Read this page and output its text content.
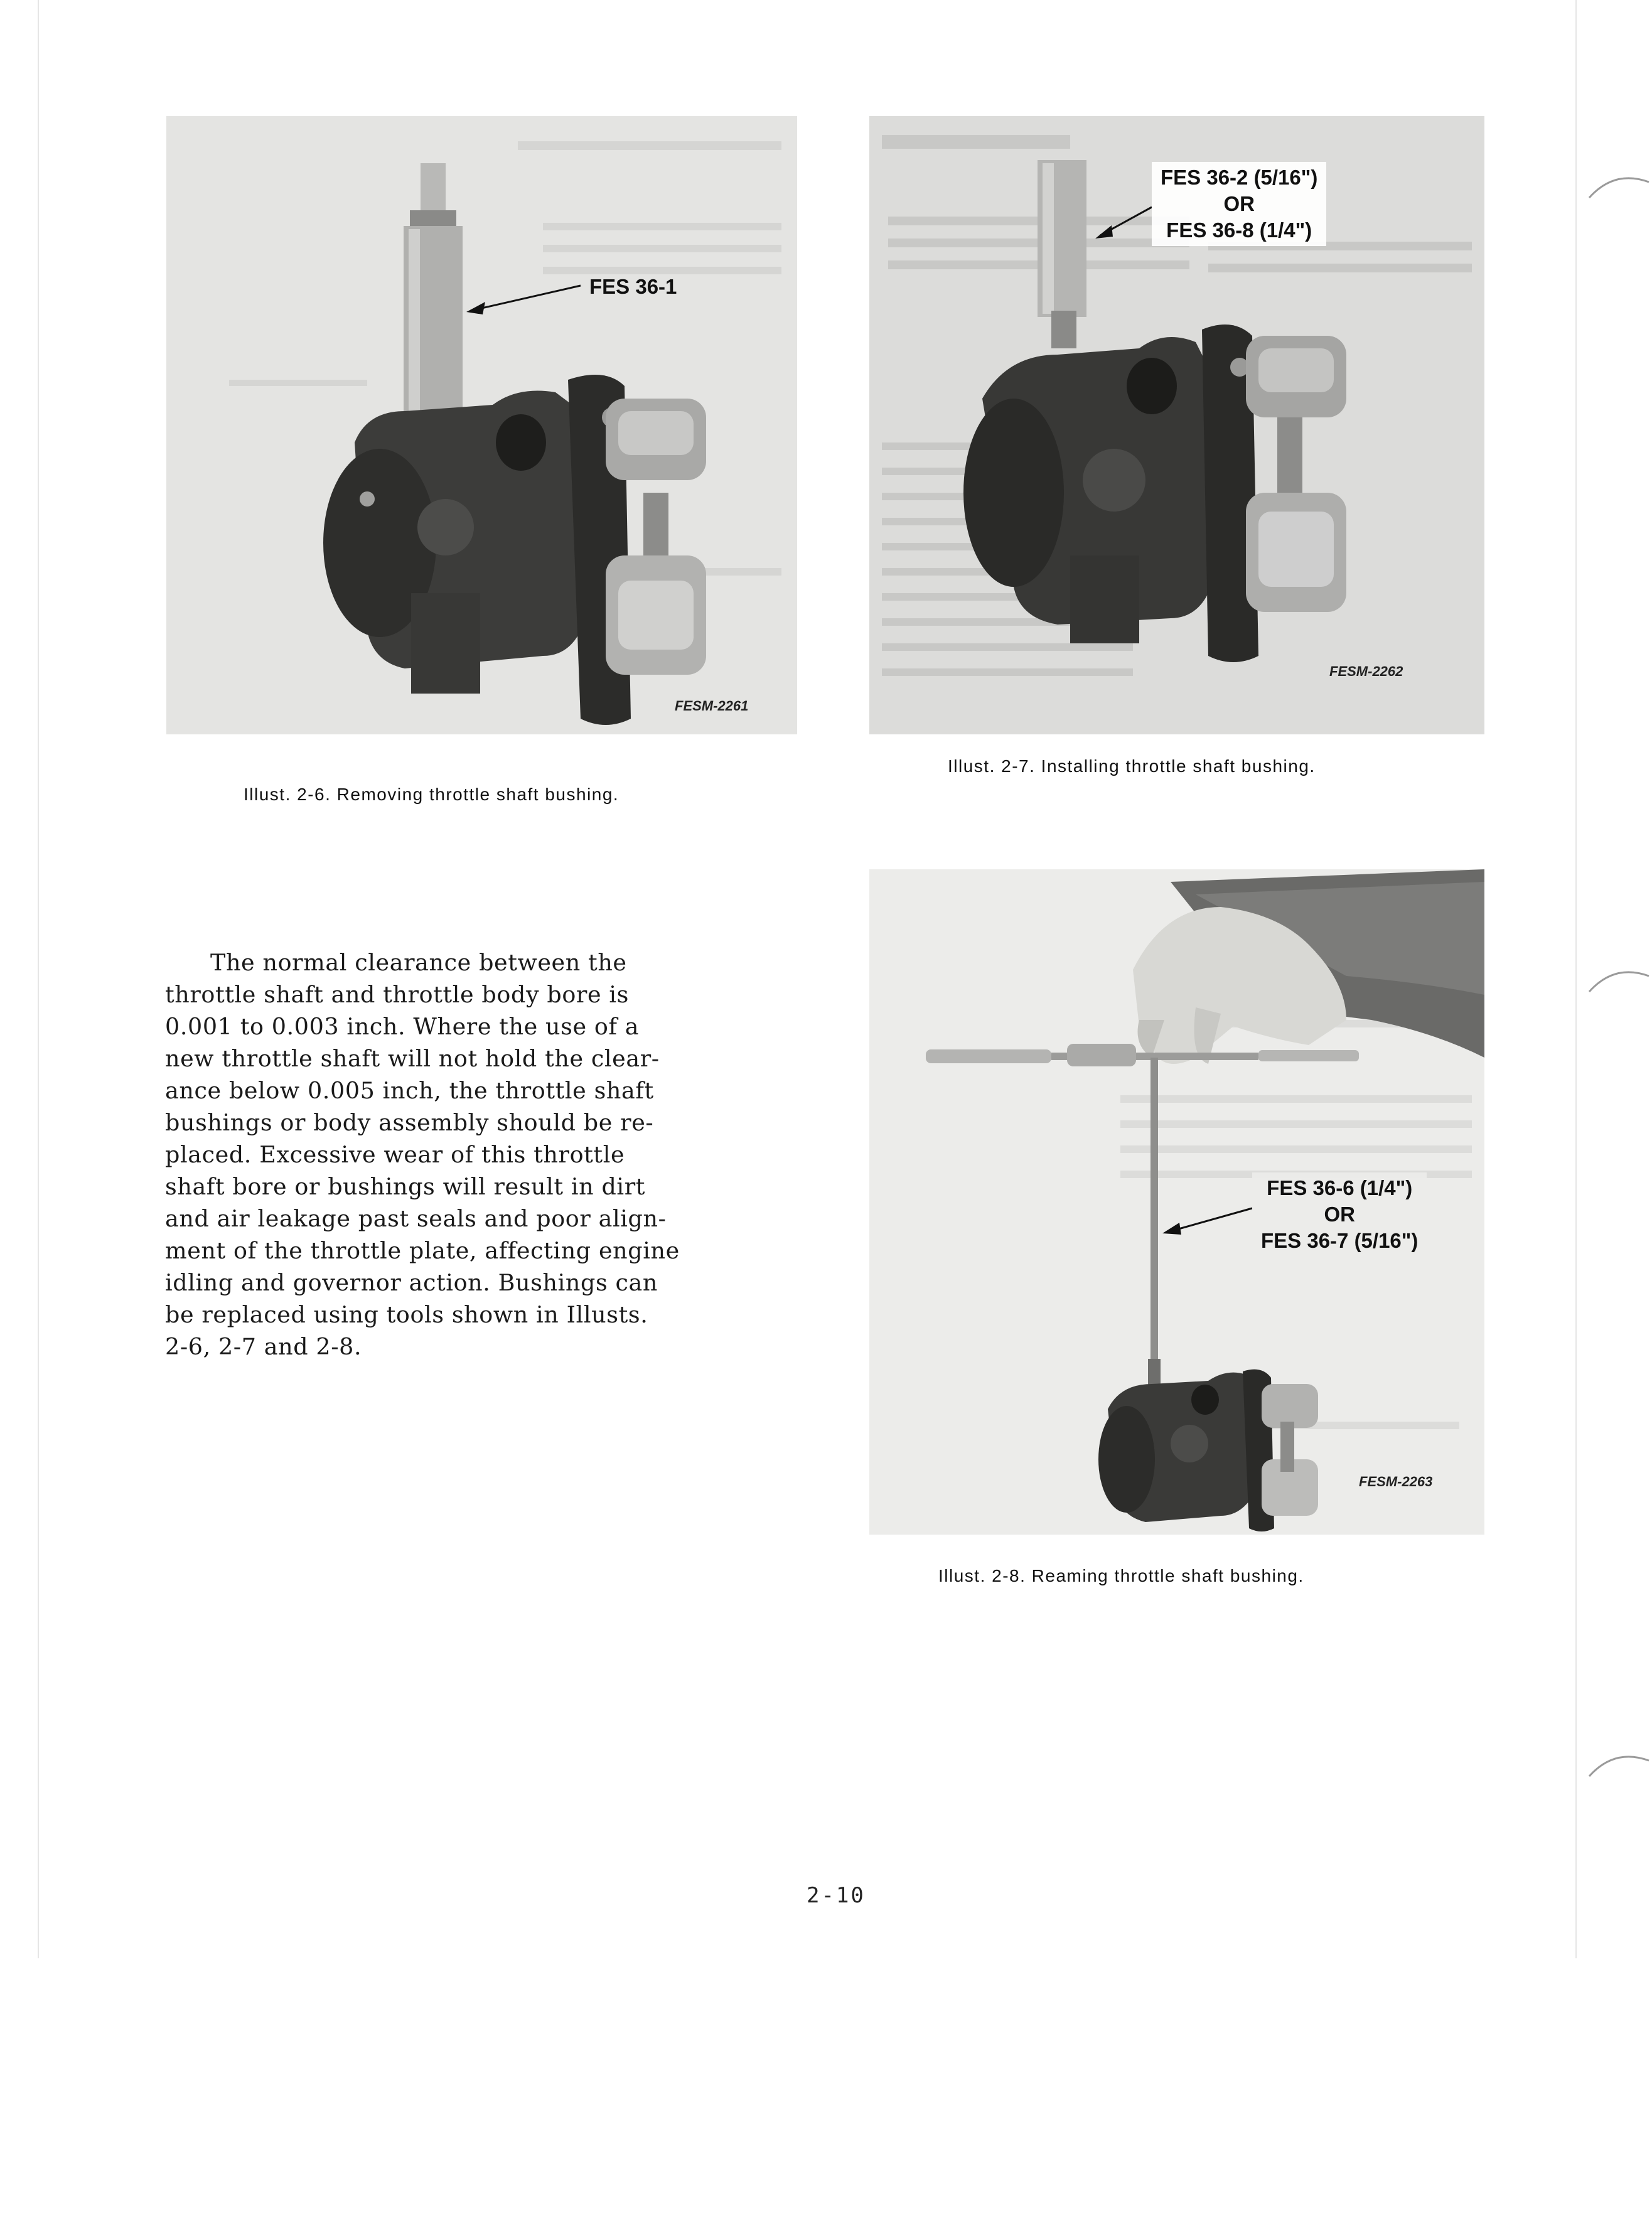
FES 36-1
FESM-2261
Illust. 2-6. Removing throttle shaft bushing.
FES 36-2 (5/16")
OR
FES 36-8 (1/4")
FESM-2262
Illust. 2-7. Installing throttle shaft bushing.
The normal clearance between the
throttle shaft and throttle body bore is
0.001 to 0.003 inch. Where the use of a
new throttle shaft will not hold the clear-
ance below 0.005 inch, the throttle shaft
bushings or body assembly should be re-
placed. Excessive wear of this throttle
shaft bore or bushings will result in dirt
and air leakage past seals and poor align-
ment of the throttle plate, affecting engine
idling and governor action. Bushings can
be replaced using tools shown in Illusts.
2-6, 2-7 and 2-8.
FES 36-6 (1/4")
OR
FES 36-7 (5/16")
FESM-2263
Illust. 2-8. Reaming throttle shaft bushing.
2-10
